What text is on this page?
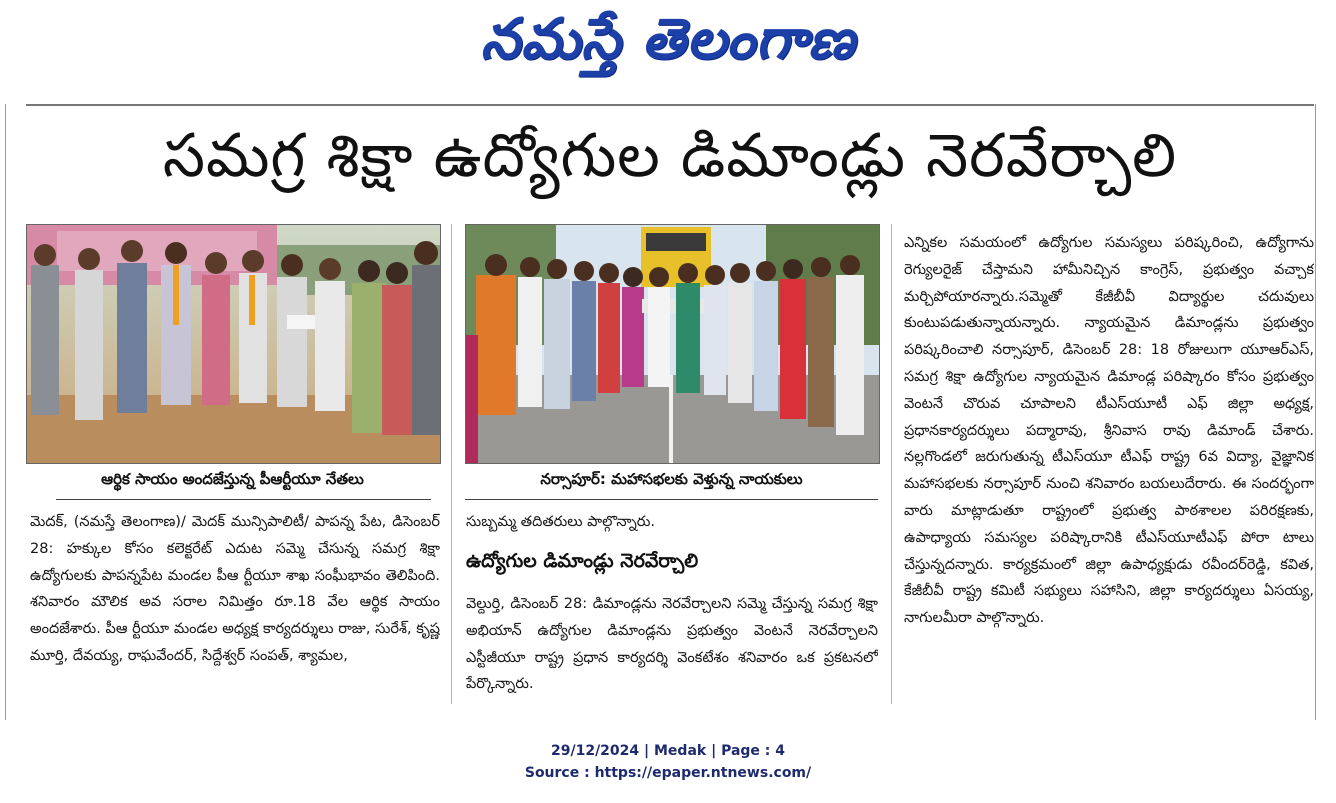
నమస్తే తెలంగాణ
సమగ్ర శిక్షా ఉద్యోగుల డిమాండ్లు నెరవేర్చాలి
ఆర్థిక సాయం అందజేస్తున్న పీఆర్టీయూ నేతలు	నర్సాపూర్: మహాసభలకు వెళ్తున్న నాయకులు
మెదక్, (నమస్తే తెలంగాణ)/ మెదక్ మున్సిపాలిటీ/ పాపన్న పేట, డిసెంబర్ 28: హక్కుల కోసం కలెక్టరేట్ ఎదుట సమ్మె చేసున్న సమగ్ర శిక్షా ఉద్యోగులకు పాపన్నపేట మండల పీఆ ర్టీయూ శాఖ సంఘీభావం తెలిపింది. శనివారం మౌలిక అవ సరాల నిమిత్తం రూ.18 వేల ఆర్థిక సాయం అందజేశారు. పీఆ ర్టీయూ మండల అధ్యక్ష కార్యదర్శులు రాజు, సురేశ్, కృష్ణ మూర్తి, దేవయ్య, రాఘవేందర్, సిద్దేశ్వర్ సంపత్, శ్యామల,
సుబ్బమ్మ తదితరులు పాల్గొన్నారు.
ఉద్యోగుల డిమాండ్లు నెరవేర్చాలి
వెల్దుర్తి, డిసెంబర్ 28: డిమాండ్లను నెరవేర్చాలని సమ్మె చేస్తున్న సమగ్ర శిక్షా అభియాన్ ఉద్యోగుల డిమాండ్లను ప్రభుత్వం వెంటనే నెరవేర్చాలని ఎస్టీజీయూ రాష్ట్ర ప్రధాన కార్యదర్శి వెంకటేశం శనివారం ఒక ప్రకటనలో పేర్కొన్నారు.
ఎన్నికల సమయంలో ఉద్యోగుల సమస్యలు పరిష్కరించి, ఉద్యోగాను రెగ్యులరైజ్ చేస్తామని హామీనిచ్చిన కాంగ్రెస్, ప్రభుత్వం వచ్చాక మర్చిపోయారన్నారు.సమ్మెతో కేజీబీవీ విద్యార్థుల చదువులు కుంటుపడుతున్నాయన్నారు. న్యాయమైన డిమాండ్లను ప్రభుత్వం పరిష్కరించాలి నర్సాపూర్, డిసెంబర్ 28: 18 రోజులుగా యూఆర్ఎస్, సమగ్ర శిక్షా ఉద్యోగుల న్యాయమైన డిమాండ్ల పరిష్కారం కోసం ప్రభుత్వం వెంటనే చొరువ చూపాలని టీఎస్‌యూటీ ఎఫ్ జిల్లా అధ్యక్ష, ప్రధానకార్యదర్శులు పద్మారావు, శ్రీనివాస రావు డిమాండ్ చేశారు. నల్లగొండలో జరుగుతున్న టీఎస్‌యూ టీఎఫ్ రాష్ట్ర 6వ విద్యా, వైజ్ఞానిక మహాసభలకు నర్సాపూర్ నుంచి శనివారం బయలుదేరారు. ఈ సందర్భంగా వారు మాట్లాడుతూ రాష్ట్రంలో ప్రభుత్వ పాఠశాలల పరిరక్షణకు, ఉపాధ్యాయ సమస్యల పరిష్కారానికి టీఎస్‌యూటీఎఫ్ పోరా టాలు చేస్తున్నదన్నారు. కార్యక్రమంలో జిల్లా ఉపాధ్యక్షుడు రవీందర్‌రెడ్డి, కవిత, కేజీబీవీ రాష్ట్ర కమిటీ సభ్యులు సహాసిని, జిల్లా కార్యదర్శులు ఏసయ్య, నాగులమీరా పాల్గొన్నారు.
29/12/2024 | Medak | Page : 4
Source : https://epaper.ntnews.com/
